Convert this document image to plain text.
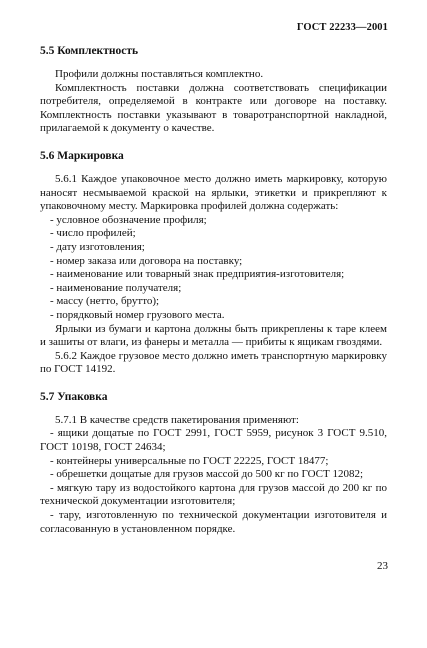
ГОСТ 22233—2001
5.5 Комплектность

Профили должны поставляться комплектно.

Комплектность поставки должна соответствовать спецификации потребителя, определяемой в контракте или договоре на поставку. Комплектность поставки указывают в товаротранспортной накладной, прилагаемой к документу о качестве.

5.6 Маркировка

5.6.1 Каждое упаковочное место должно иметь маркировку, которую наносят несмываемой краской на ярлыки, этикетки и прикрепляют к упаковочному месту. Маркировка профилей должна содержать:

- условное обозначение профиля;

- число профилей;

- дату изготовления;

- номер заказа или договора на поставку;

- наименование или товарный знак предприятия-изготовителя;

- наименование получателя;

- массу (нетто, брутто);

- порядковый номер грузового места.

Ярлыки из бумаги и картона должны быть прикреплены к таре клеем и зашиты от влаги, из фанеры и металла — прибиты к ящикам гвоздями.

5.6.2 Каждое грузовое место должно иметь транспортную маркировку по ГОСТ 14192.

5.7 Упаковка

5.7.1 В качестве средств пакетирования применяют:

- ящики дощатые по ГОСТ 2991, ГОСТ 5959, рисунок 3 ГОСТ 9.510, ГОСТ 10198, ГОСТ 24634;

- контейнеры универсальные по ГОСТ 22225, ГОСТ 18477;

- обрешетки дощатые для грузов массой до 500 кг по ГОСТ 12082;

- мягкую тару из водостойкого картона для грузов массой до 200 кг по технической документации изготовителя;

- тару, изготовленную по технической документации изготовителя и согласованную в установленном порядке.

23
